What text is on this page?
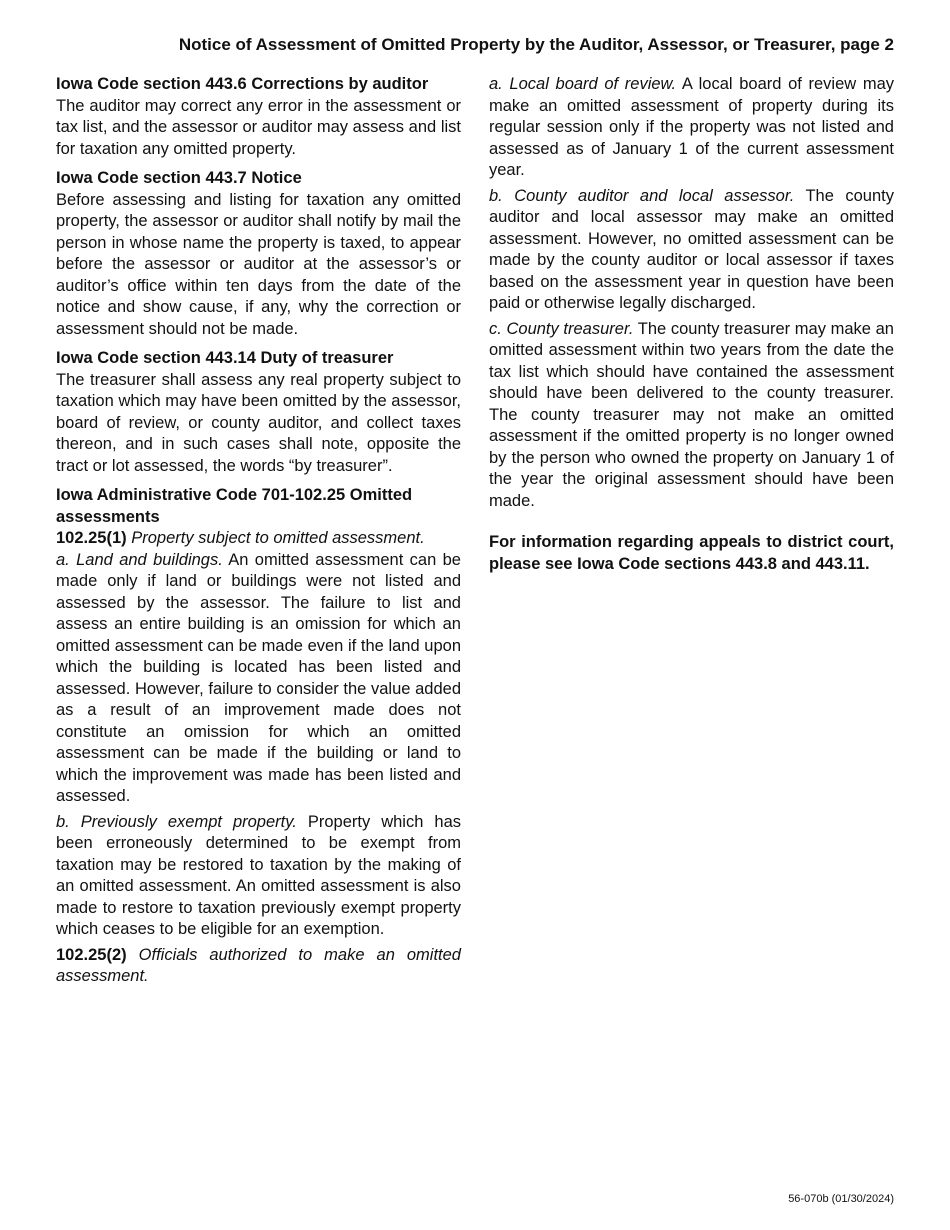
Notice of Assessment of Omitted Property by the Auditor, Assessor, or Treasurer, page 2
Iowa Code section 443.6 Corrections by auditor

The auditor may correct any error in the assessment or tax list, and the assessor or auditor may assess and list for taxation any omitted property.

Iowa Code section 443.7 Notice

Before assessing and listing for taxation any omitted property, the assessor or auditor shall notify by mail the person in whose name the property is taxed, to appear before the assessor or auditor at the assessor’s or auditor’s office within ten days from the date of the notice and show cause, if any, why the correction or assessment should not be made.

Iowa Code section 443.14 Duty of treasurer

The treasurer shall assess any real property subject to taxation which may have been omitted by the assessor, board of review, or county auditor, and collect taxes thereon, and in such cases shall note, opposite the tract or lot assessed, the words “by treasurer”.

Iowa Administrative Code 701-102.25 Omitted assessments

102.25(1) Property subject to omitted assessment.

a. Land and buildings. An omitted assessment can be made only if land or buildings were not listed and assessed by the assessor. The failure to list and assess an entire building is an omission for which an omitted assessment can be made even if the land upon which the building is located has been listed and assessed. However, failure to consider the value added as a result of an improvement made does not constitute an omission for which an omitted assessment can be made if the building or land to which the improvement was made has been listed and assessed.

b. Previously exempt property. Property which has been erroneously determined to be exempt from taxation may be restored to taxation by the making of an omitted assessment. An omitted assessment is also made to restore to taxation previously exempt property which ceases to be eligible for an exemption.

102.25(2) Officials authorized to make an omitted assessment.

a. Local board of review. A local board of review may make an omitted assessment of property during its regular session only if the property was not listed and assessed as of January 1 of the current assessment year.

b. County auditor and local assessor. The county auditor and local assessor may make an omitted assessment. However, no omitted assessment can be made by the county auditor or local assessor if taxes based on the assessment year in question have been paid or otherwise legally discharged.

c. County treasurer. The county treasurer may make an omitted assessment within two years from the date the tax list which should have contained the assessment should have been delivered to the county treasurer. The county treasurer may not make an omitted assessment if the omitted property is no longer owned by the person who owned the property on January 1 of the year the original assessment should have been made.

For information regarding appeals to district court, please see Iowa Code sections 443.8 and 443.11.

56-070b (01/30/2024)
